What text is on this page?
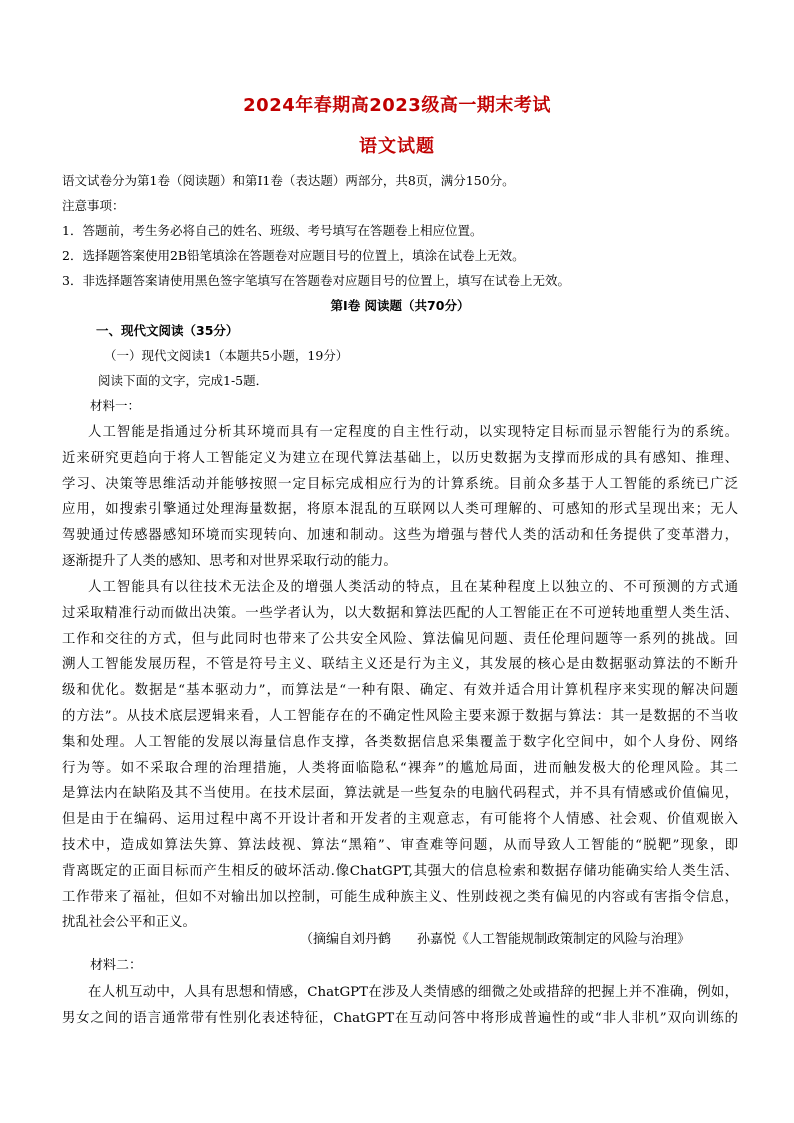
2024年春期高2023级高一期末考试
语文试题
语文试卷分为第1卷（阅读题）和第I1卷（表达题）两部分，共8页，满分150分。
注意事项：
1．答题前，考生务必将自己的姓名、班级、考号填写在答题卷上相应位置。
2．选择题答案使用2B铅笔填涂在答题卷对应题目号的位置上，填涂在试卷上无效。
3．非选择题答案请使用黑色签字笔填写在答题卷对应题目号的位置上，填写在试卷上无效。
第I卷 阅读题（共70分）
一、现代文阅读（35分）
（一）现代文阅读1（本题共5小题，19分）
阅读下面的文字，完成1-5题．
材料一：
人工智能是指通过分析其环境而具有一定程度的自主性行动，以实现特定目标而显示智能行为的系统。
近来研究更趋向于将人工智能定义为建立在现代算法基础上，以历史数据为支撑而形成的具有感知、推理、
学习、决策等思维活动并能够按照一定目标完成相应行为的计算系统。目前众多基于人工智能的系统已广泛
应用，如搜索引擎通过处理海量数据，将原本混乱的互联网以人类可理解的、可感知的形式呈现出来；无人
驾驶通过传感器感知环境而实现转向、加速和制动。这些为增强与替代人类的活动和任务提供了变革潜力，
逐渐提升了人类的感知、思考和对世界采取行动的能力。
人工智能具有以往技术无法企及的增强人类活动的特点，且在某种程度上以独立的、不可预测的方式通
过采取精准行动而做出决策。一些学者认为，以大数据和算法匹配的人工智能正在不可逆转地重塑人类生活、
工作和交往的方式，但与此同时也带来了公共安全风险、算法偏见问题、责任伦理问题等一系列的挑战。回
溯人工智能发展历程，不管是符号主义、联结主义还是行为主义，其发展的核心是由数据驱动算法的不断升
级和优化。数据是“基本驱动力”，而算法是“一种有限、确定、有效并适合用计算机程序来实现的解决问题
的方法”。从技术底层逻辑来看，人工智能存在的不确定性风险主要来源于数据与算法：其一是数据的不当收
集和处理。人工智能的发展以海量信息作支撑，各类数据信息采集覆盖于数字化空间中，如个人身份、网络
行为等。如不采取合理的治理措施，人类将面临隐私“裸奔”的尴尬局面，进而触发极大的伦理风险。其二
是算法内在缺陷及其不当使用。在技术层面，算法就是一些复杂的电脑代码程式，并不具有情感或价值偏见，
但是由于在编码、运用过程中离不开设计者和开发者的主观意志，有可能将个人情感、社会观、价值观嵌入
技术中，造成如算法失算、算法歧视、算法“黑箱”、审查难等问题，从而导致人工智能的“脱靶”现象，即
背离既定的正面目标而产生相反的破坏活动.像ChatGPT,其强大的信息检索和数据存储功能确实给人类生活、
工作带来了福祉，但如不对输出加以控制，可能生成种族主义、性别歧视之类有偏见的内容或有害指令信息，
扰乱社会公平和正义。
（摘编自刘丹鹤　　孙嘉悦《人工智能规制政策制定的风险与治理》
材料二：
在人机互动中，人具有思想和情感，ChatGPT在涉及人类情感的细微之处或措辞的把握上并不准确，例如，
男女之间的语言通常带有性别化表述特征，ChatGPT在互动问答中将形成普遍性的或“非人非机”双向训练的
